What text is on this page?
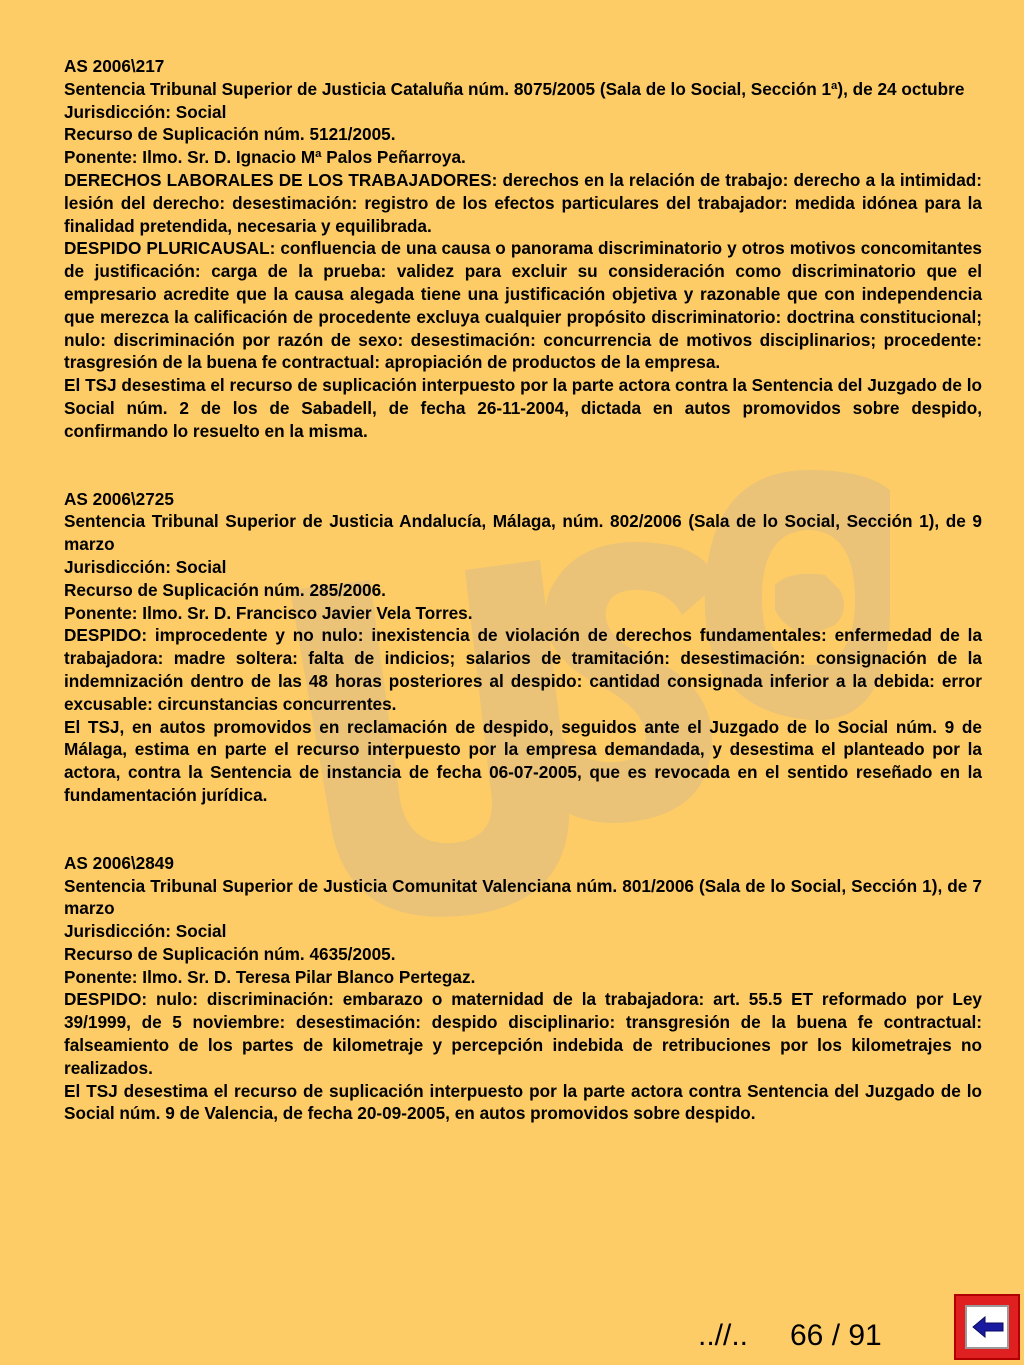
AS 2006\217

Sentencia Tribunal Superior de Justicia Cataluña núm. 8075/2005 (Sala de lo Social, Sección 1ª), de 24 octubre

Jurisdicción: Social

Recurso de Suplicación núm. 5121/2005.

Ponente: Ilmo. Sr. D. Ignacio Mª Palos Peñarroya.

DERECHOS LABORALES DE LOS TRABAJADORES: derechos en la relación de trabajo: derecho a la intimidad: lesión del derecho: desestimación: registro de los efectos particulares del trabajador: medida idónea para la finalidad pretendida, necesaria y equilibrada.

DESPIDO PLURICAUSAL: confluencia de una causa o panorama discriminatorio y otros motivos concomitantes de justificación: carga de la prueba: validez para excluir su consideración como discriminatorio que el empresario acredite que la causa alegada tiene una justificación objetiva y razonable que con independencia que merezca la calificación de procedente excluya cualquier propósito discriminatorio: doctrina constitucional; nulo: discriminación por razón de sexo: desestimación: concurrencia de motivos disciplinarios; procedente: trasgresión de la buena fe contractual: apropiación de productos de la empresa.

El TSJ desestima el recurso de suplicación interpuesto por la parte actora contra la Sentencia del Juzgado de lo Social núm. 2 de los de Sabadell, de fecha 26-11-2004, dictada en autos promovidos sobre despido, confirmando lo resuelto en la misma.

AS 2006\2725

Sentencia Tribunal Superior de Justicia Andalucía, Málaga, núm. 802/2006 (Sala de lo Social, Sección 1), de 9 marzo

Jurisdicción: Social

Recurso de Suplicación núm. 285/2006.

Ponente: Ilmo. Sr. D. Francisco Javier Vela Torres.

DESPIDO: improcedente y no nulo: inexistencia de violación de derechos fundamentales: enfermedad de la trabajadora: madre soltera: falta de indicios; salarios de tramitación: desestimación: consignación de la indemnización dentro de las 48 horas posteriores al despido: cantidad consignada inferior a la debida: error excusable: circunstancias concurrentes.

El TSJ, en autos promovidos en reclamación de despido, seguidos ante el Juzgado de lo Social núm. 9 de Málaga, estima en parte el recurso interpuesto por la empresa demandada, y desestima el planteado por la actora, contra la Sentencia de instancia de fecha 06-07-2005, que es revocada en el sentido reseñado en la fundamentación jurídica.

AS 2006\2849

Sentencia Tribunal Superior de Justicia Comunitat Valenciana núm. 801/2006 (Sala de lo Social, Sección 1), de 7 marzo

Jurisdicción: Social

Recurso de Suplicación núm. 4635/2005.

Ponente: Ilmo. Sr. D. Teresa Pilar Blanco Pertegaz.

DESPIDO: nulo: discriminación: embarazo o maternidad de la trabajadora: art. 55.5 ET reformado por Ley 39/1999, de 5 noviembre: desestimación: despido disciplinario: transgresión de la buena fe contractual: falseamiento de los partes de kilometraje y percepción indebida de retribuciones por los kilometrajes no realizados.

El TSJ desestima el recurso de suplicación interpuesto por la parte actora contra Sentencia del Juzgado de lo Social núm. 9 de Valencia, de fecha 20-09-2005, en autos promovidos sobre despido.

..//.. 66 / 91
